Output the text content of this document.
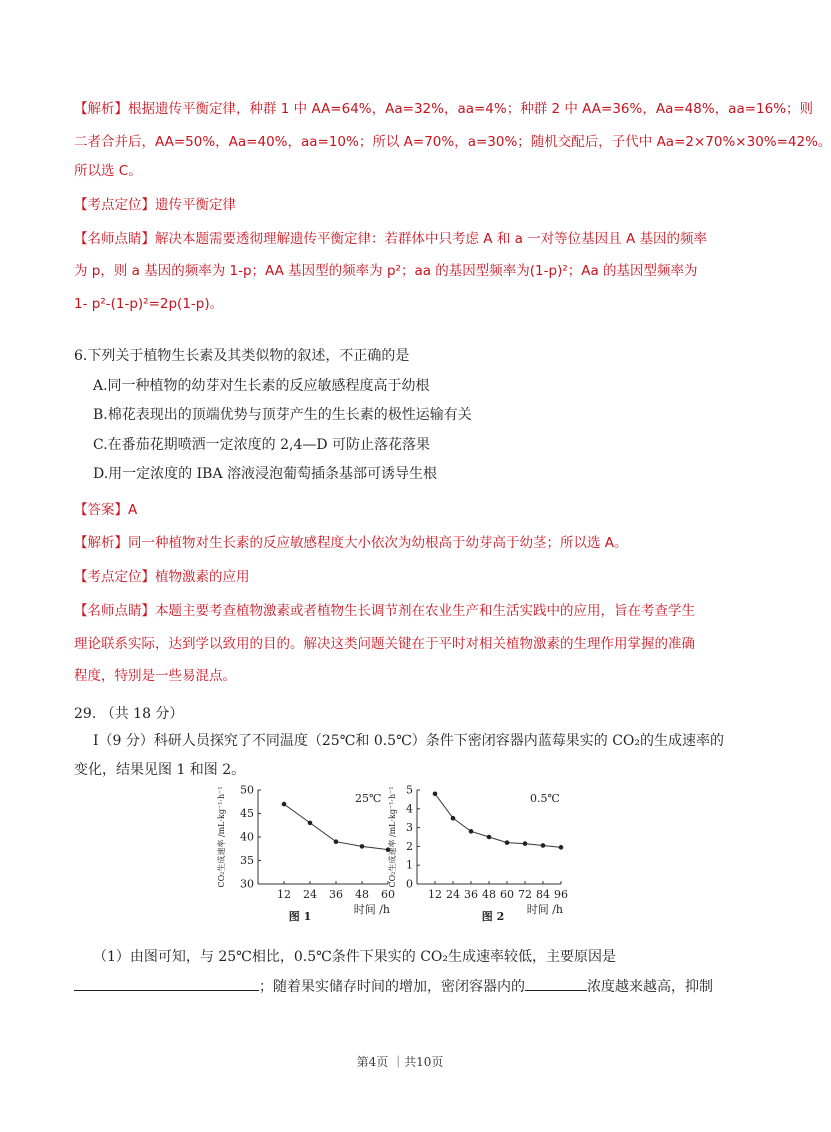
【解析】根据遗传平衡定律，种群 1 中 AA=64%，Aa=32%，aa=4%；种群 2 中 AA=36%，Aa=48%，aa=16%；则
二者合并后，AA=50%，Aa=40%，aa=10%；所以 A=70%，a=30%；随机交配后，子代中 Aa=2×70%×30%=42%。
所以选 C。
【考点定位】遗传平衡定律
【名师点睛】解决本题需要透彻理解遗传平衡定律：若群体中只考虑 A 和 a 一对等位基因且 A 基因的频率
为 p，则 a 基因的频率为 1-p；AA 基因型的频率为 p²；aa 的基因型频率为(1-p)²；Aa 的基因型频率为
1- p²-(1-p)²=2p(1-p)。
6.下列关于植物生长素及其类似物的叙述，不正确的是
A.同一种植物的幼芽对生长素的反应敏感程度高于幼根
B.棉花表现出的顶端优势与顶芽产生的生长素的极性运输有关
C.在番茄花期喷洒一定浓度的 2,4—D 可防止落花落果
D.用一定浓度的 IBA 溶液浸泡葡萄插条基部可诱导生根
【答案】A
【解析】同一种植物对生长素的反应敏感程度大小依次为幼根高于幼芽高于幼茎；所以选 A。
【考点定位】植物激素的应用
【名师点睛】本题主要考查植物激素或者植物生长调节剂在农业生产和生活实践中的应用，旨在考查学生
理论联系实际，达到学以致用的目的。解决这类问题关键在于平时对相关植物激素的生理作用掌握的准确
程度，特别是一些易混点。
29. （共 18 分）
Ⅰ（9 分）科研人员探究了不同温度（25℃和 0.5℃）条件下密闭容器内蓝莓果实的 CO₂的生成速率的
变化，结果见图 1 和图 2。
30
35
40
45
50
12 24 36 48 60
25℃
时间 /h
CO₂生成速率 /mL·kg⁻¹·h⁻¹
图 1
0
1
2
3
4
5
12 24 36 48 60 72 84 96
0.5℃
时间 /h
CO₂生成速率 /mL·kg⁻¹·h⁻¹
图 2
（1）由图可知，与 25℃相比，0.5℃条件下果实的 CO₂生成速率较低，主要原因是
；随着果实储存时间的增加，密闭容器内的	浓度越来越高，抑制
第4页 ｜共10页
